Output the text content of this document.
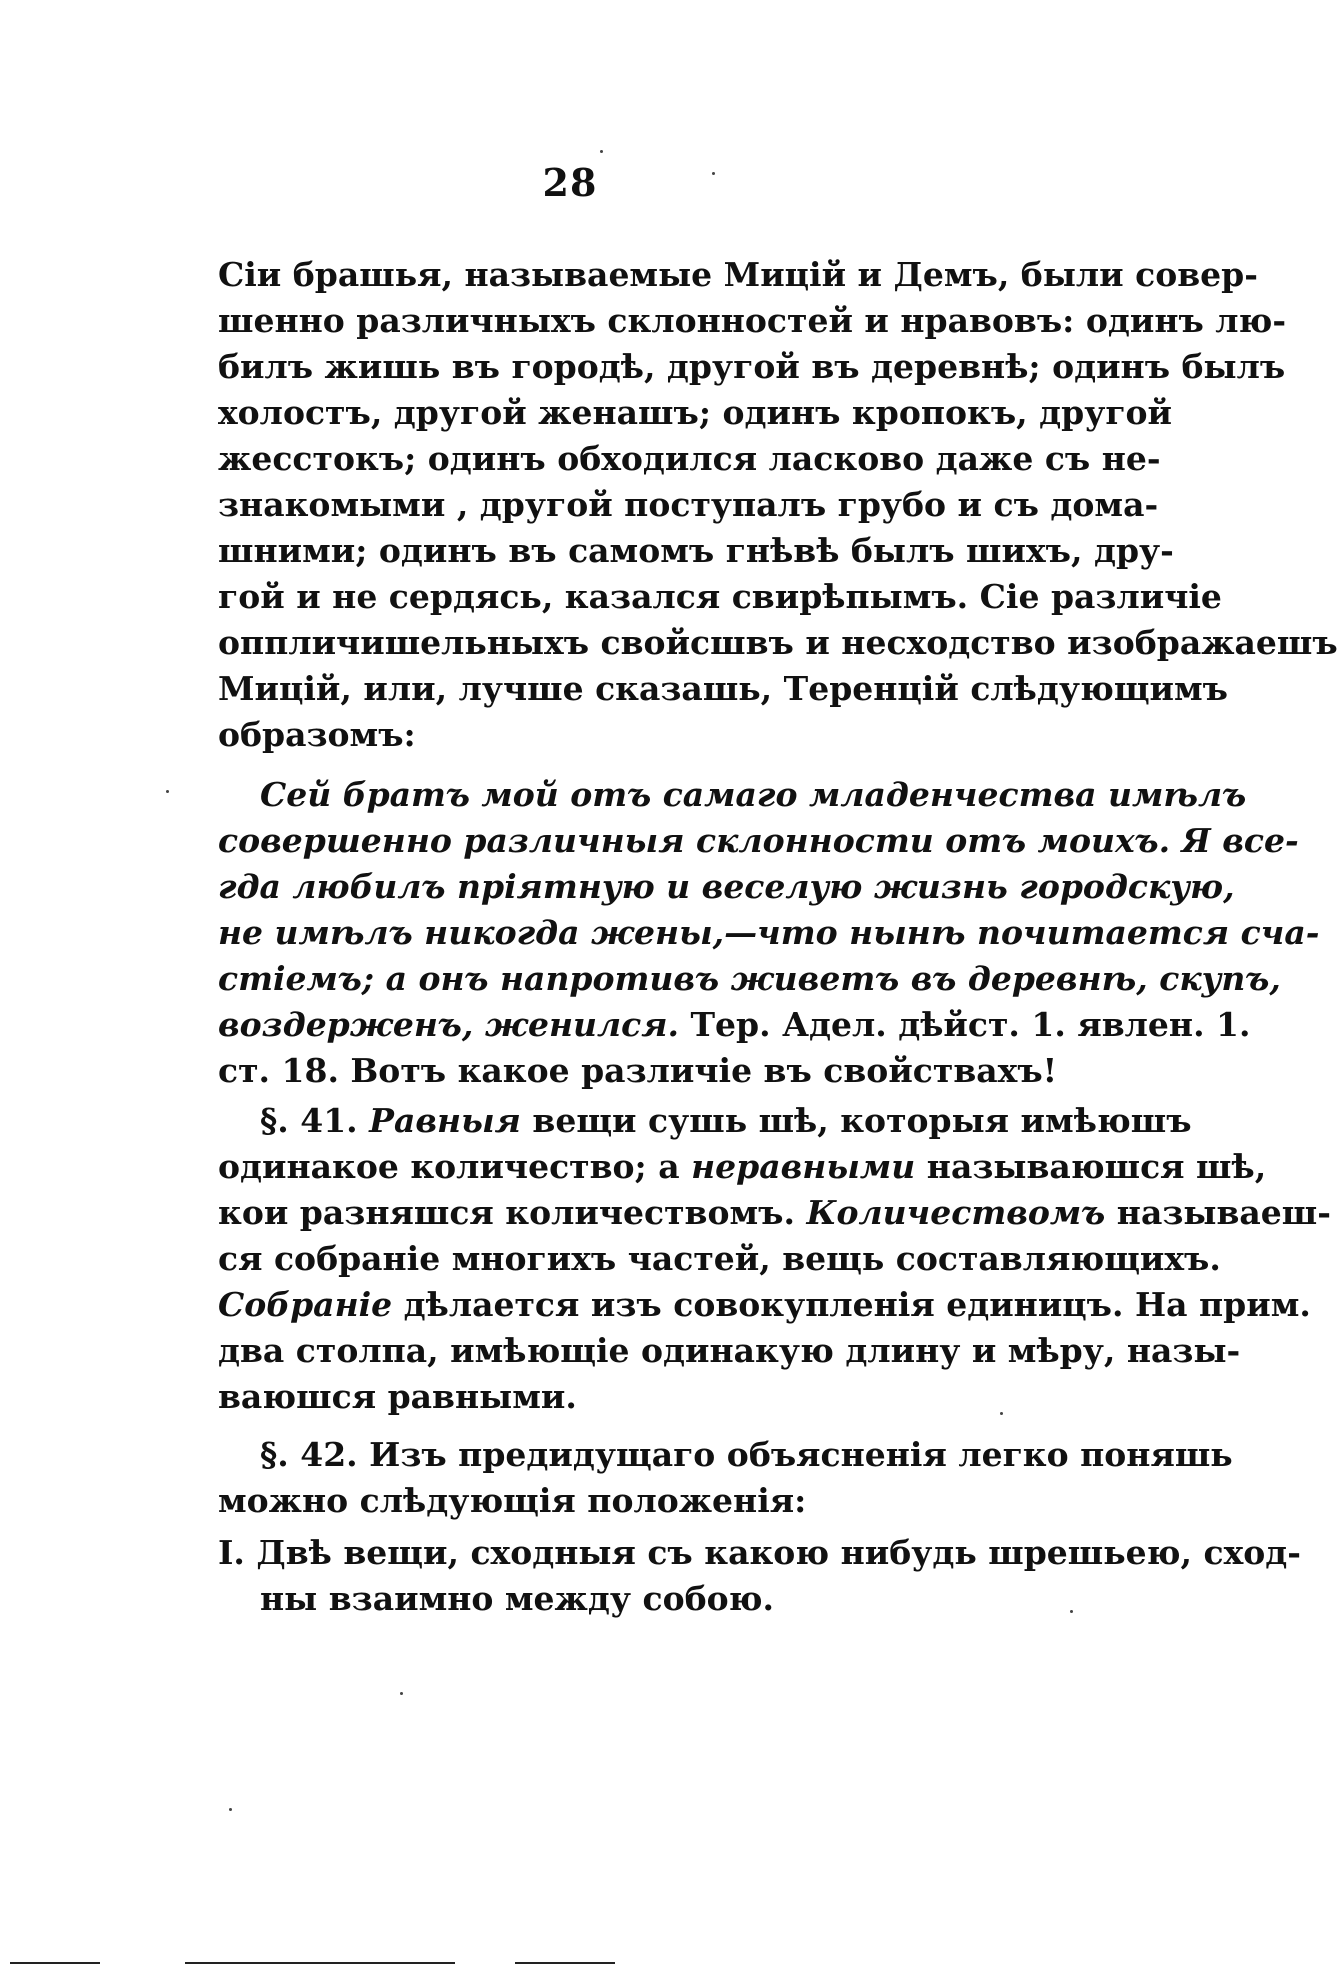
28
Сiи брашья, называемые Мицiй и Демъ, были совер-
шенно различныхъ склонностей и нравовъ: одинъ лю-
билъ жишь въ городѣ, другой въ деревнѣ; одинъ былъ
холостъ, другой женашъ; одинъ кропокъ, другой
жесстокъ; одинъ обходился ласково даже съ не-
знакомыми , другой поступалъ грубо и съ дома-
шними; одинъ въ самомъ гнѣвѣ былъ шихъ, дру-
гой и не сердясь, казался свирѣпымъ. Сiе различiе
оппличишельныхъ свойсшвъ и несходство изображаешъ
Мицiй, или, лучше сказашь, Теренцiй слѣдующимъ
образомъ:
Сей братъ мой отъ самаго младенчества имѣлъ
совершенно различныя склонности отъ моихъ. Я все-
гда любилъ прiятную и веселую жизнь городскую,
не имѣлъ никогда жены,—что нынѣ почитается сча-
стiемъ; а онъ напротивъ живетъ въ деревнѣ, скупъ,
воздерженъ, женился. Тер. Адел. дѣйст. 1. явлен. 1.
ст. 18. Вотъ какое различiе въ свойствахъ!
§. 41. Равныя вещи сушь шѣ, которыя имѣюшъ
одинакое количество; а неравными называюшся шѣ,
кои разняшся количествомъ. Количествомъ называеш-
ся собранiе многихъ частей, вещь составляющихъ.
Собранiе дѣлается изъ совокупленiя единицъ. На прим.
два столпа, имѣющiе одинакую длину и мѣру, назы-
ваюшся равными.
§. 42. Изъ предидущаго объясненiя легко поняшь
можно слѣдующiя положенiя:
I. Двѣ вещи, сходныя съ какою нибудь шрешьею, сход-
ны взаимно между собою.
